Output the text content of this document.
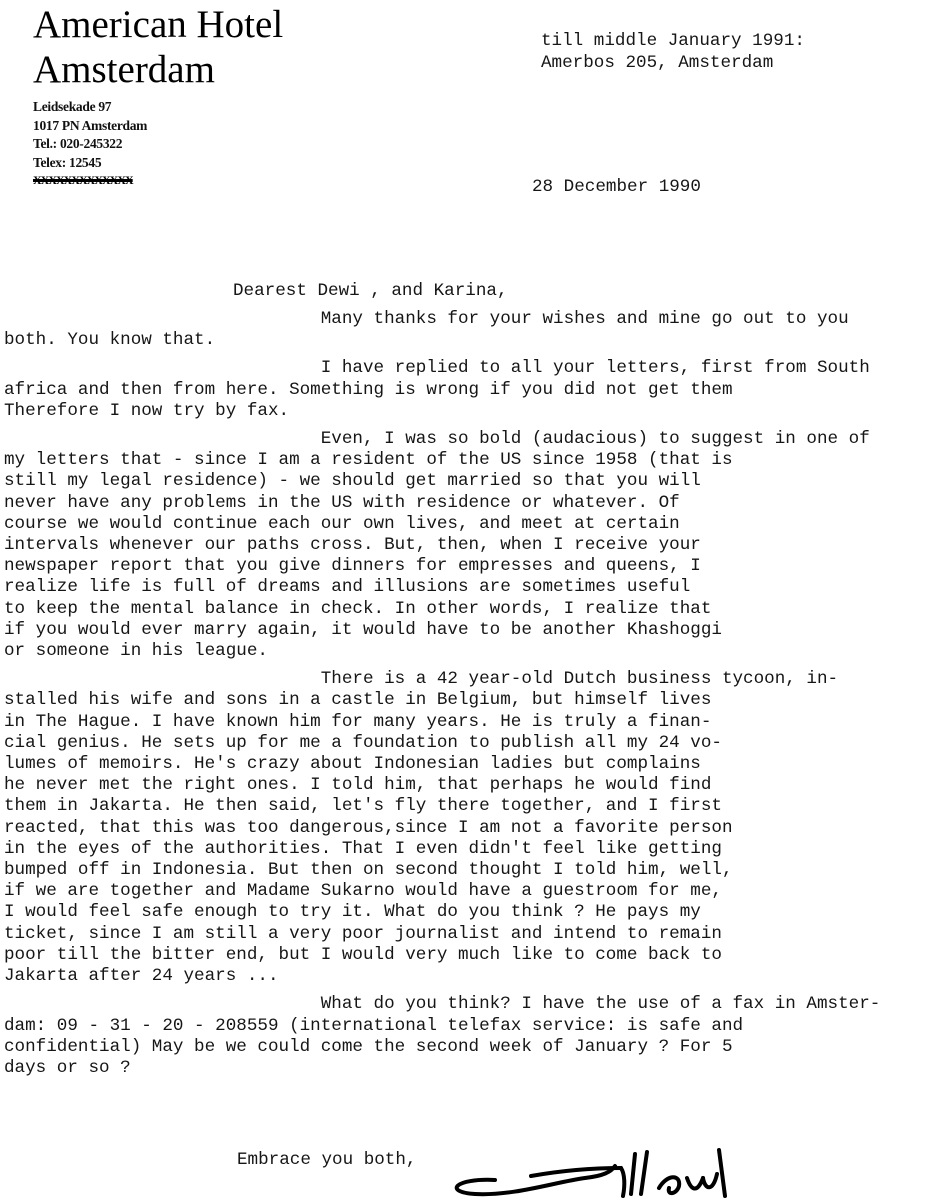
American Hotel
Amsterdam
Leidsekade 97
1017 PN Amsterdam
Tel.: 020-245322
Telex: 12545
XXXXXXXXXXXXX
till middle January 1991:
Amerbos 205, Amsterdam
28 December 1990
Dearest Dewi , and Karina,
Many thanks for your wishes and mine go out to you
both. You know that.
I have replied to all your letters, first from South
africa and then from here. Something is wrong if you did not get them
Therefore I now try by fax.
Even, I was so bold (audacious) to suggest in one of
my letters that - since I am a resident of the US since 1958 (that is
still my legal residence) - we should get married so that you will
never have any problems in the US with residence or whatever. Of
course we would continue each our own lives, and meet at certain
intervals whenever our paths cross. But, then, when I receive your
newspaper report that you give dinners for empresses and queens, I
realize life is full of dreams and illusions are sometimes useful
to keep the mental balance in check. In other words, I realize that
if you would ever marry again, it would have to be another Khashoggi
or someone in his league.
There is a 42 year-old Dutch business tycoon, in-
stalled his wife and sons in a castle in Belgium, but himself lives
in The Hague. I have known him for many years. He is truly a finan-
cial genius. He sets up for me a foundation to publish all my 24 vo-
lumes of memoirs. He's crazy about Indonesian ladies but complains
he never met the right ones. I told him, that perhaps he would find
them in Jakarta. He then said, let's fly there together, and I first
reacted, that this was too dangerous,since I am not a favorite person
in the eyes of the authorities. That I even didn't feel like getting
bumped off in Indonesia. But then on second thought I told him, well,
if we are together and Madame Sukarno would have a guestroom for me,
I would feel safe enough to try it. What do you think ? He pays my
ticket, since I am still a very poor journalist and intend to remain
poor till the bitter end, but I would very much like to come back to
Jakarta after 24 years ...
What do you think? I have the use of a fax in Amster-
dam: 09 - 31 - 20 - 208559 (international telefax service: is safe and
confidential) May be we could come the second week of January ? For 5
days or so ?
Embrace you both,
